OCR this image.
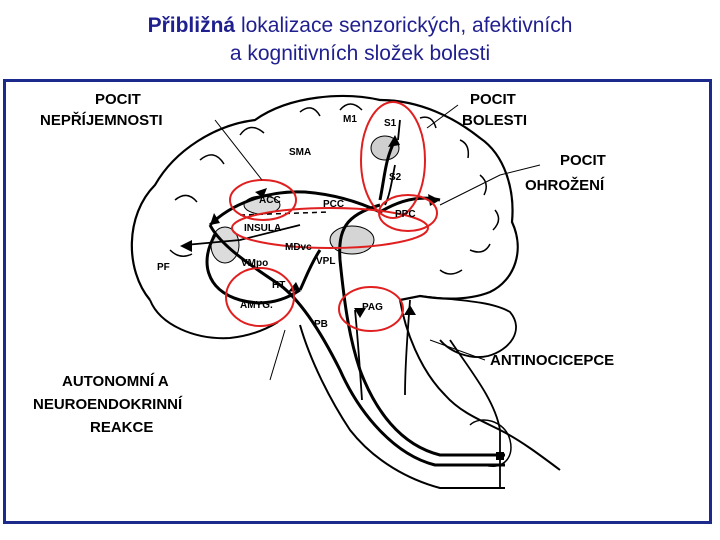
Přibližná lokalizace senzorických, afektivních
a kognitivních složek bolesti
POCIT
NEPŘÍJEMNOSTI
POCIT
BOLESTI
POCIT
OHROŽENÍ
ANTINOCICEPCE
AUTONOMNÍ A
NEUROENDOKRINNÍ
REAKCE
M1	S1
SMA
S2
ACC	PCC
PPC
INSULA
MDvc
VMpo	VPL
PF
HT
AMYG.	PAG
PB
